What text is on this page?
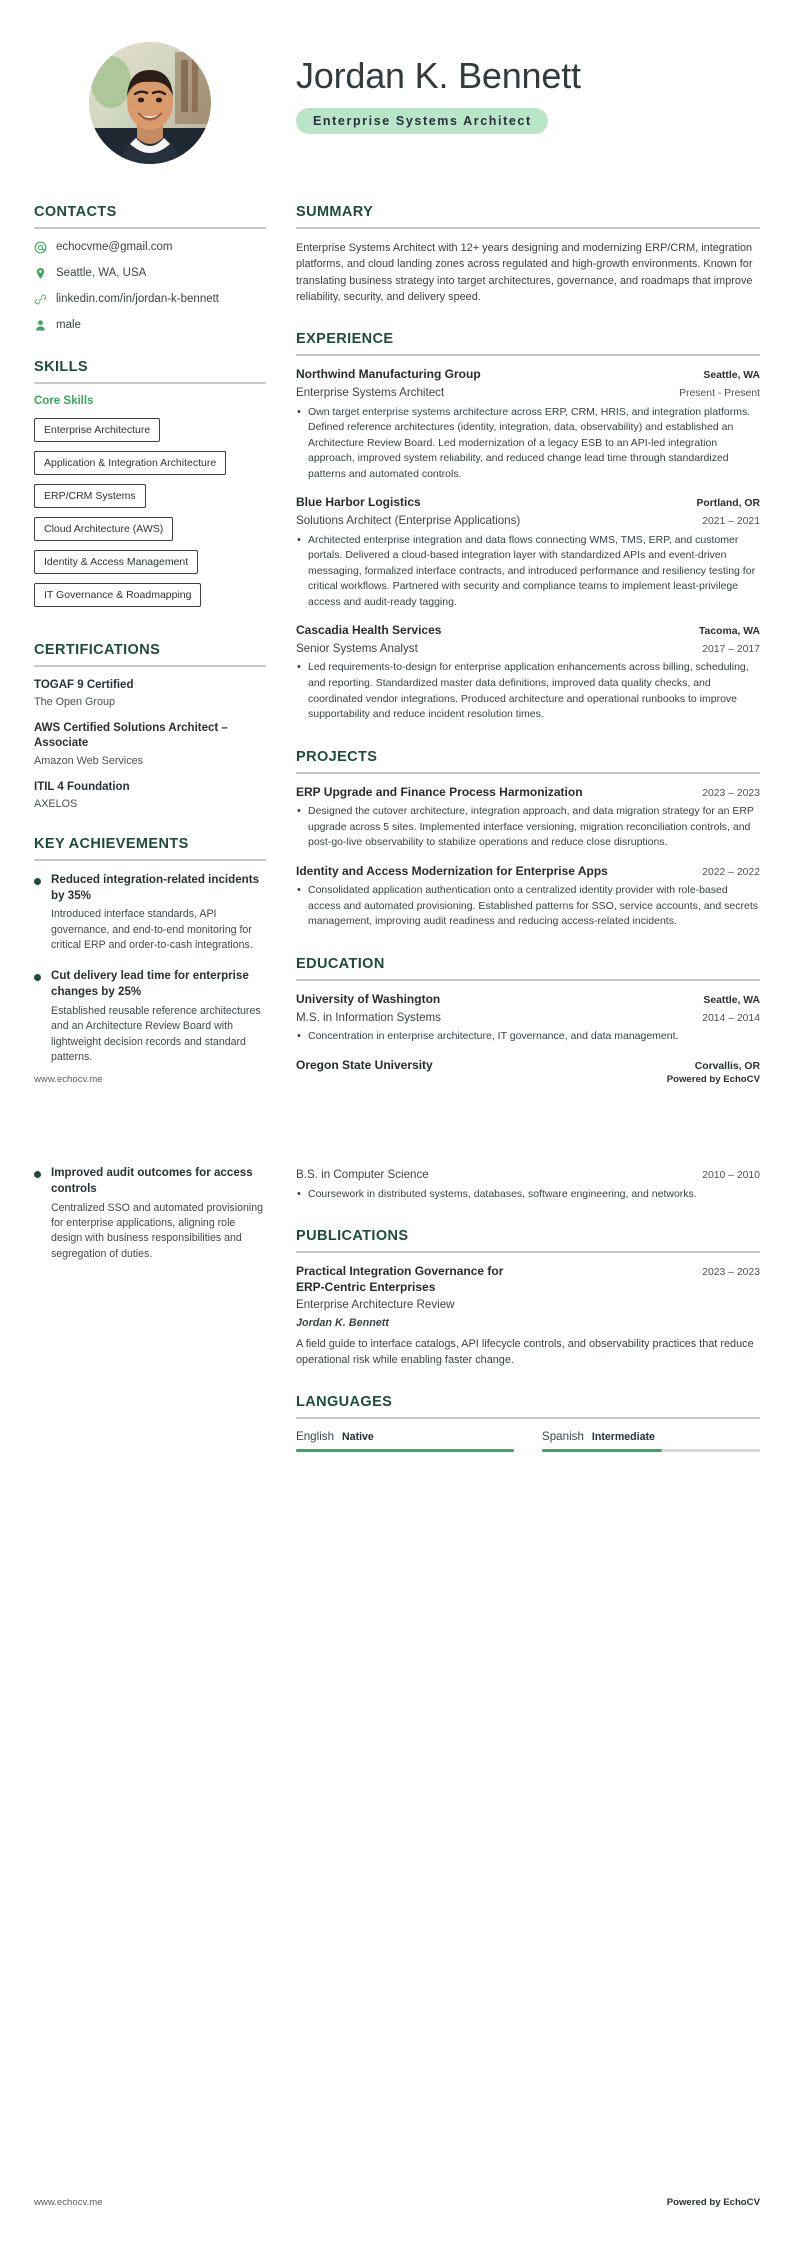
Jordan K. Bennett
Enterprise Systems Architect
CONTACTS
echocvme@gmail.com
Seattle, WA, USA
linkedin.com/in/jordan-k-bennett
male
SKILLS
Core Skills
Enterprise Architecture
Application & Integration Architecture
ERP/CRM Systems
Cloud Architecture (AWS)
Identity & Access Management
IT Governance & Roadmapping
CERTIFICATIONS
TOGAF 9 Certified
The Open Group
AWS Certified Solutions Architect – Associate
Amazon Web Services
ITIL 4 Foundation
AXELOS
KEY ACHIEVEMENTS
Reduced integration-related incidents by 35%
Introduced interface standards, API governance, and end-to-end monitoring for critical ERP and order-to-cash integrations.
Cut delivery lead time for enterprise changes by 25%
Established reusable reference architectures and an Architecture Review Board with lightweight decision records and standard patterns.
SUMMARY
Enterprise Systems Architect with 12+ years designing and modernizing ERP/CRM, integration platforms, and cloud landing zones across regulated and high-growth environments. Known for translating business strategy into target architectures, governance, and roadmaps that improve reliability, security, and delivery speed.
EXPERIENCE
Northwind Manufacturing Group	Seattle, WA
Enterprise Systems Architect	Present - Present
• Own target enterprise systems architecture across ERP, CRM, HRIS, and integration platforms. Defined reference architectures (identity, integration, data, observability) and established an Architecture Review Board. Led modernization of a legacy ESB to an API-led integration approach, improved system reliability, and reduced change lead time through standardized patterns and automated controls.
Blue Harbor Logistics	Portland, OR
Solutions Architect (Enterprise Applications)	2021 – 2021
• Architected enterprise integration and data flows connecting WMS, TMS, ERP, and customer portals. Delivered a cloud-based integration layer with standardized APIs and event-driven messaging, formalized interface contracts, and introduced performance and resiliency testing for critical workflows. Partnered with security and compliance teams to implement least-privilege access and audit-ready tagging.
Cascadia Health Services	Tacoma, WA
Senior Systems Analyst	2017 – 2017
• Led requirements-to-design for enterprise application enhancements across billing, scheduling, and reporting. Standardized master data definitions, improved data quality checks, and coordinated vendor integrations. Produced architecture and operational runbooks to improve supportability and reduce incident resolution times.
PROJECTS
ERP Upgrade and Finance Process Harmonization	2023 – 2023
• Designed the cutover architecture, integration approach, and data migration strategy for an ERP upgrade across 5 sites. Implemented interface versioning, migration reconciliation controls, and post-go-live observability to stabilize operations and reduce close disruptions.
Identity and Access Modernization for Enterprise Apps	2022 – 2022
• Consolidated application authentication onto a centralized identity provider with role-based access and automated provisioning. Established patterns for SSO, service accounts, and secrets management, improving audit readiness and reducing access-related incidents.
EDUCATION
University of Washington	Seattle, WA
M.S. in Information Systems	2014 – 2014
• Concentration in enterprise architecture, IT governance, and data management.
Oregon State University	Corvallis, OR
www.echocv.me	Powered by EchoCV
Improved audit outcomes for access controls
Centralized SSO and automated provisioning for enterprise applications, aligning role design with business responsibilities and segregation of duties.
B.S. in Computer Science	2010 – 2010
• Coursework in distributed systems, databases, software engineering, and networks.
PUBLICATIONS
Practical Integration Governance for ERP-Centric Enterprises
2023 – 2023
Enterprise Architecture Review
Jordan K. Bennett
A field guide to interface catalogs, API lifecycle controls, and observability practices that reduce operational risk while enabling faster change.
LANGUAGES
English Native	Spanish Intermediate
www.echocv.me	Powered by EchoCV
